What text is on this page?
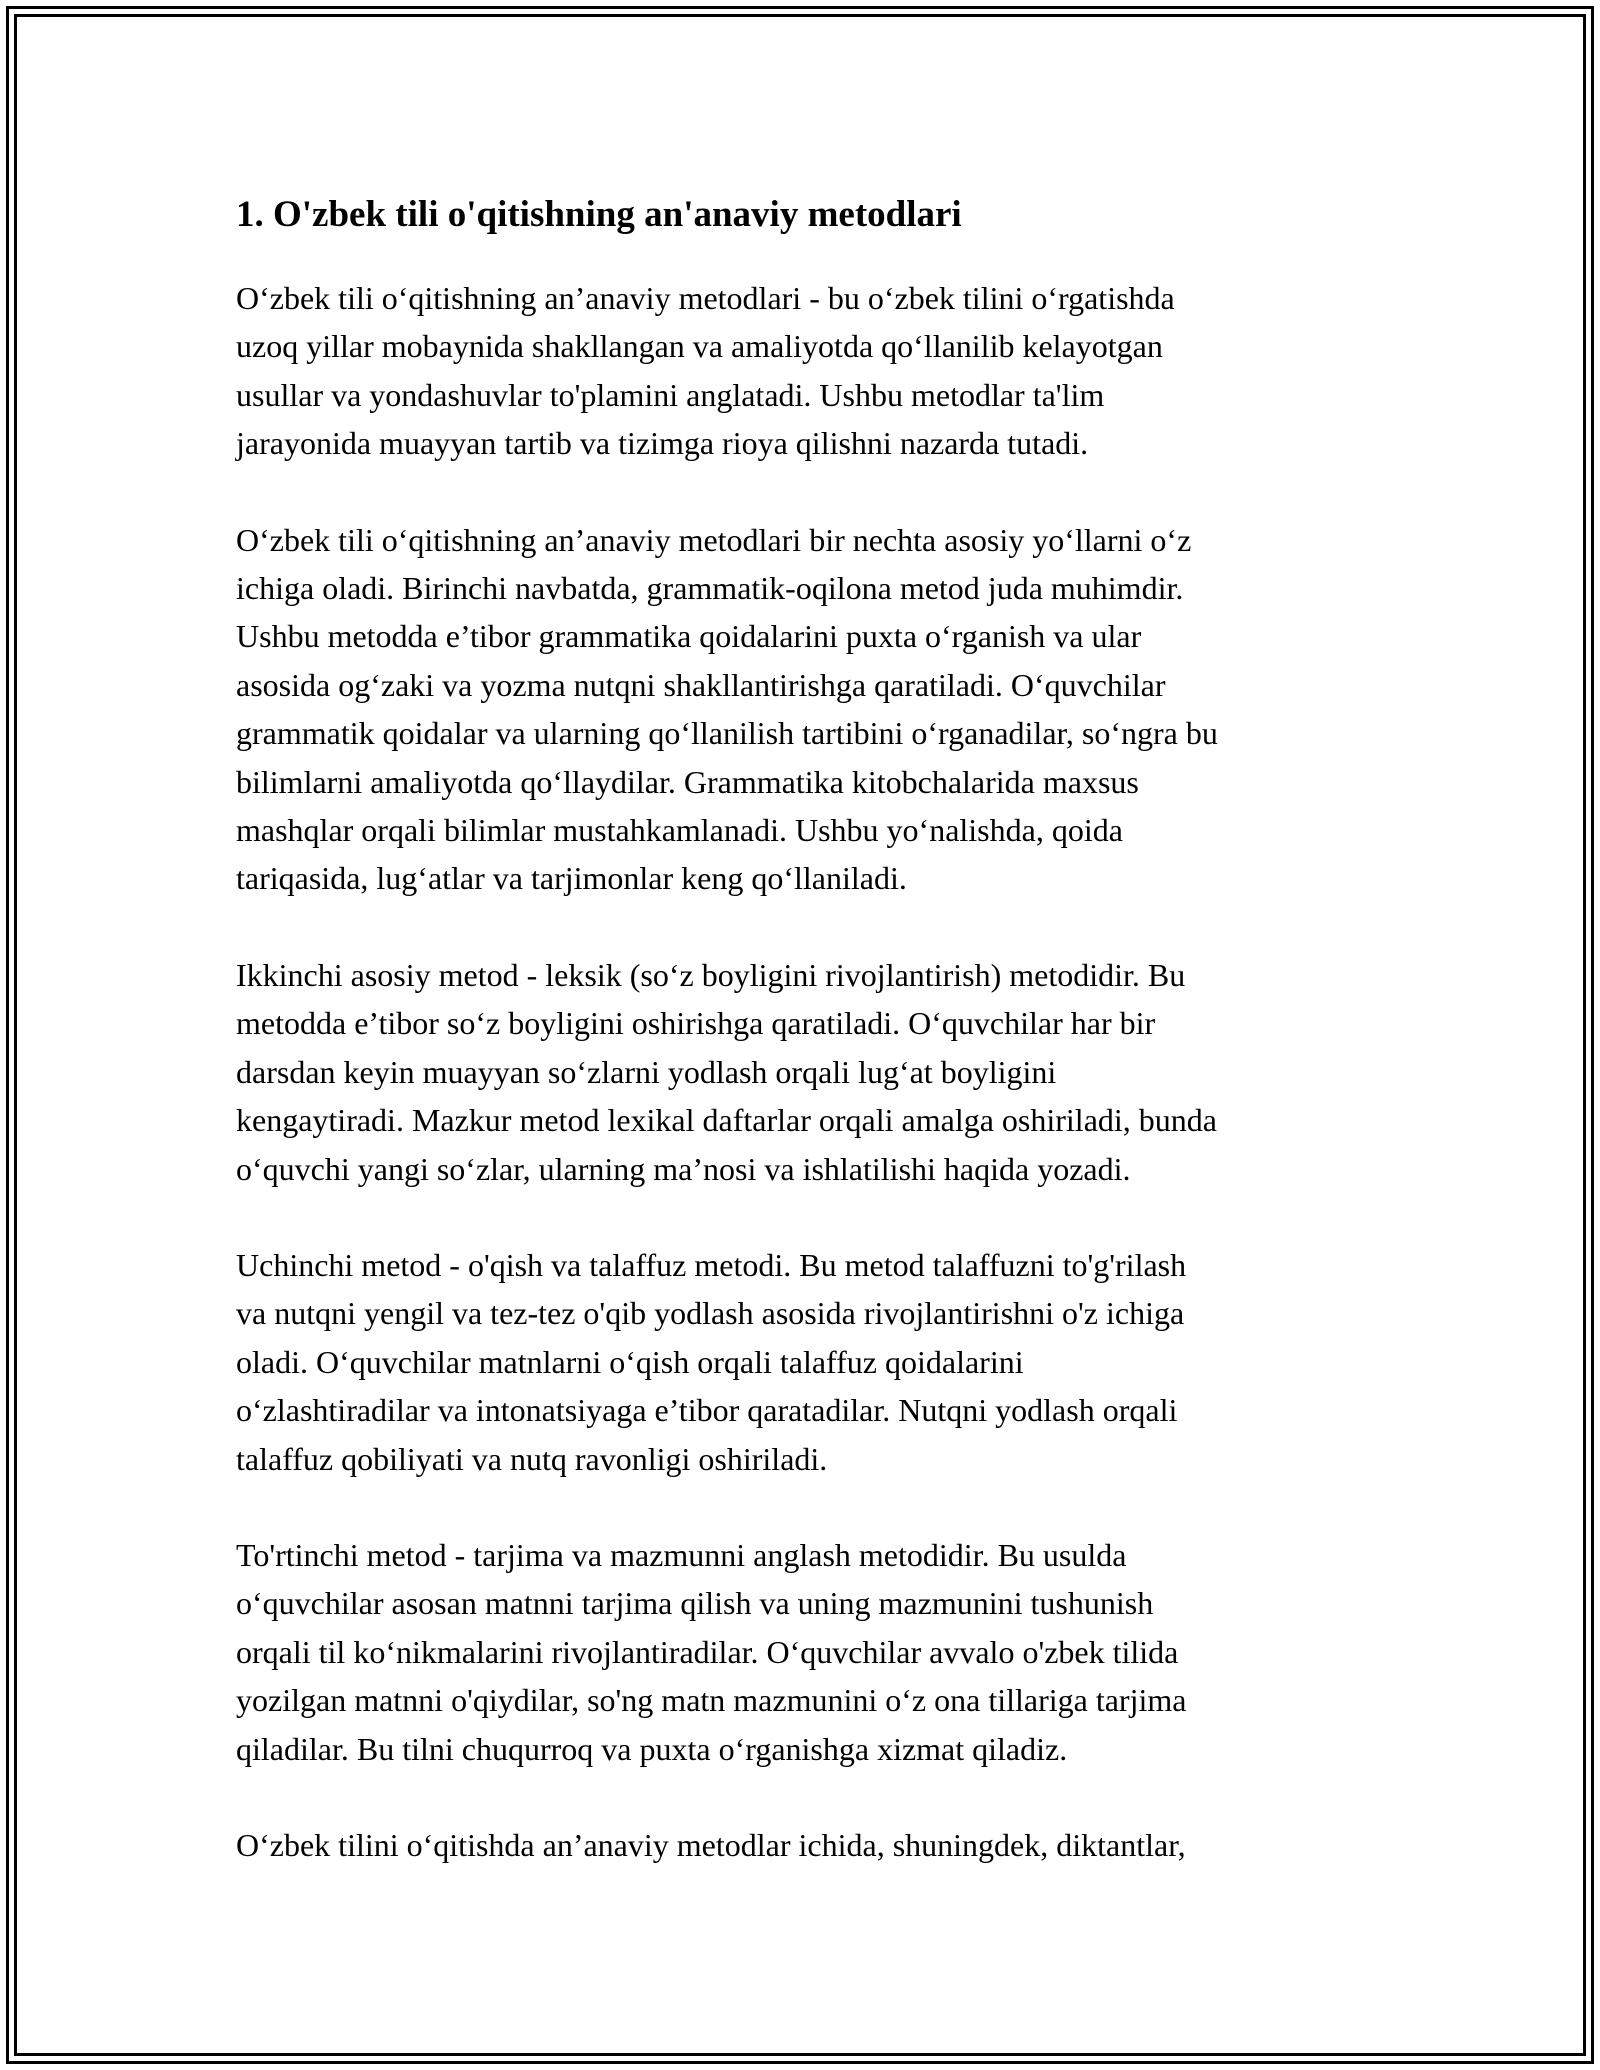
1. O'zbek tili o'qitishning an'anaviy metodlari

O‘zbek tili o‘qitishning an’anaviy metodlari - bu o‘zbek tilini o‘rgatishda
uzoq yillar mobaynida shakllangan va amaliyotda qo‘llanilib kelayotgan
usullar va yondashuvlar to'plamini anglatadi. Ushbu metodlar ta'lim
jarayonida muayyan tartib va tizimga rioya qilishni nazarda tutadi.

O‘zbek tili o‘qitishning an’anaviy metodlari bir nechta asosiy yo‘llarni o‘z
ichiga oladi. Birinchi navbatda, grammatik-oqilona metod juda muhimdir.
Ushbu metodda e’tibor grammatika qoidalarini puxta o‘rganish va ular
asosida og‘zaki va yozma nutqni shakllantirishga qaratiladi. O‘quvchilar
grammatik qoidalar va ularning qo‘llanilish tartibini o‘rganadilar, so‘ngra bu
bilimlarni amaliyotda qo‘llaydilar. Grammatika kitobchalarida maxsus
mashqlar orqali bilimlar mustahkamlanadi. Ushbu yo‘nalishda, qoida
tariqasida, lug‘atlar va tarjimonlar keng qo‘llaniladi.

Ikkinchi asosiy metod - leksik (so‘z boyligini rivojlantirish) metodidir. Bu
metodda e’tibor so‘z boyligini oshirishga qaratiladi. O‘quvchilar har bir
darsdan keyin muayyan so‘zlarni yodlash orqali lug‘at boyligini
kengaytiradi. Mazkur metod lexikal daftarlar orqali amalga oshiriladi, bunda
o‘quvchi yangi so‘zlar, ularning ma’nosi va ishlatilishi haqida yozadi.

Uchinchi metod - o'qish va talaffuz metodi. Bu metod talaffuzni to'g'rilash
va nutqni yengil va tez-tez o'qib yodlash asosida rivojlantirishni o'z ichiga
oladi. O‘quvchilar matnlarni o‘qish orqali talaffuz qoidalarini
o‘zlashtiradilar va intonatsiyaga e’tibor qaratadilar. Nutqni yodlash orqali
talaffuz qobiliyati va nutq ravonligi oshiriladi.

To'rtinchi metod - tarjima va mazmunni anglash metodidir. Bu usulda
o‘quvchilar asosan matnni tarjima qilish va uning mazmunini tushunish
orqali til ko‘nikmalarini rivojlantiradilar. O‘quvchilar avvalo o'zbek tilida
yozilgan matnni o'qiydilar, so'ng matn mazmunini o‘z ona tillariga tarjima
qiladilar. Bu tilni chuqurroq va puxta o‘rganishga xizmat qiladiz.

O‘zbek tilini o‘qitishda an’anaviy metodlar ichida, shuningdek, diktantlar,
